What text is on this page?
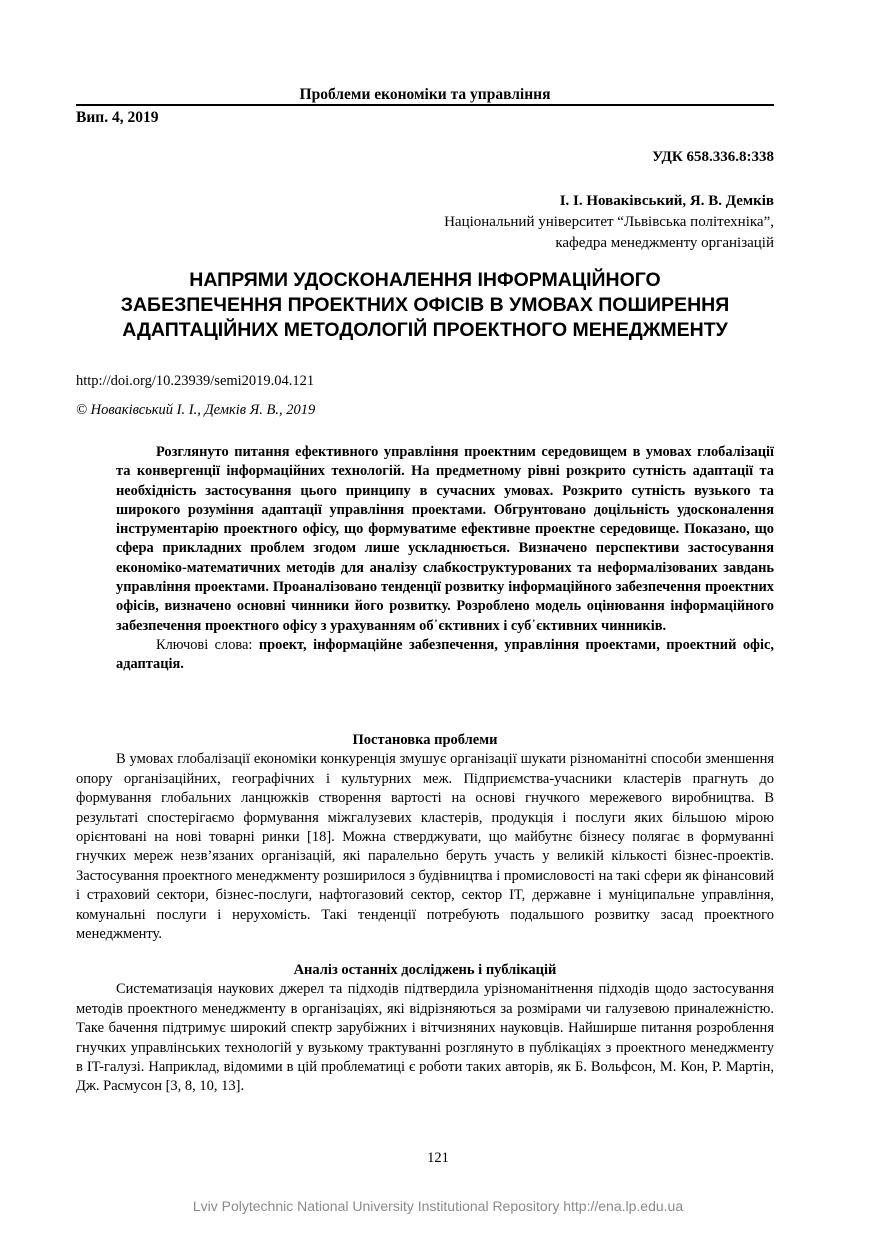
Проблеми економіки та управління
Вип. 4, 2019
УДК 658.336.8:338
І. І. Новаківський, Я. В. Демків
Національний університет “Львівська політехніка”,
кафедра менеджменту організацій
НАПРЯМИ УДОСКОНАЛЕННЯ ІНФОРМАЦІЙНОГО
ЗАБЕЗПЕЧЕННЯ ПРОЕКТНИХ ОФІСІВ В УМОВАХ ПОШИРЕННЯ
АДАПТАЦІЙНИХ МЕТОДОЛОГІЙ ПРОЕКТНОГО МЕНЕДЖМЕНТУ
http://doi.org/10.23939/semi2019.04.121
© Новаківський І. І., Демків Я. В., 2019

Розглянуто питання ефективного управління проектним середовищем в умовах глобалізації та конвергенції інформаційних технологій. На предметному рівні розкрито сутність адаптації та необхідність застосування цього принципу в сучасних умовах. Розкрито сутність вузького та широкого розуміння адаптації управління проектами. Обгрунтовано доцільність удосконалення інструментарію проектного офісу, що формуватиме ефективне проектне середовище. Показано, що сфера прикладних проблем згодом лише ускладнюється. Визначено перспективи застосування економіко-математичних методів для аналізу слабкоструктурованих та неформалізованих завдань управління проектами. Проаналізовано тенденції розвитку інформаційного забезпечення проектних офісів, визначено основні чинники його розвитку. Розроблено модель оцінювання інформаційного забезпечення проектного офісу з урахуванням об᾽єктивних і суб᾽єктивних чинників.

Ключові слова: проект, інформаційне забезпечення, управління проектами, проектний офіс, адаптація.

Постановка проблеми

В умовах глобалізації економіки конкуренція змушує організації шукати різноманітні способи зменшення опору організаційних, географічних і культурних меж. Підприємства-учасники кластерів прагнуть до формування глобальних ланцюжків створення вартості на основі гнучкого мережевого виробництва. В результаті спостерігаємо формування міжгалузевих кластерів, продукція і послуги яких більшою мірою орієнтовані на нові товарні ринки [18]. Можна стверджувати, що майбутнє бізнесу полягає в формуванні гнучких мереж незв’язаних організацій, які паралельно беруть участь у великій кількості бізнес-проектів. Застосування проектного менеджменту розширилося з будівництва і промисловості на такі сфери як фінансовий і страховий сектори, бізнес-послуги, нафтогазовий сектор, сектор IT, державне і муніципальне управління, комунальні послуги і нерухомість. Такі тенденції потребують подальшого розвитку засад проектного менеджменту.

Аналіз останніх досліджень і публікацій

Систематизація наукових джерел та підходів підтвердила урізноманітнення підходів щодо застосування методів проектного менеджменту в організаціях, які відрізняються за розмірами чи галузевою приналежністю. Таке бачення підтримує широкий спектр зарубіжних і вітчизняних науковців. Найширше питання розроблення гнучких управлінських технологій у вузькому трактуванні розглянуто в публікаціях з проектного менеджменту в IT-галузі. Наприклад, відомими в цій проблематиці є роботи таких авторів, як Б. Вольфсон, М. Кон, Р. Мартін, Дж. Расмусон [3, 8, 10, 13].

121
Lviv Polytechnic National University Institutional Repository http://ena.lp.edu.ua
